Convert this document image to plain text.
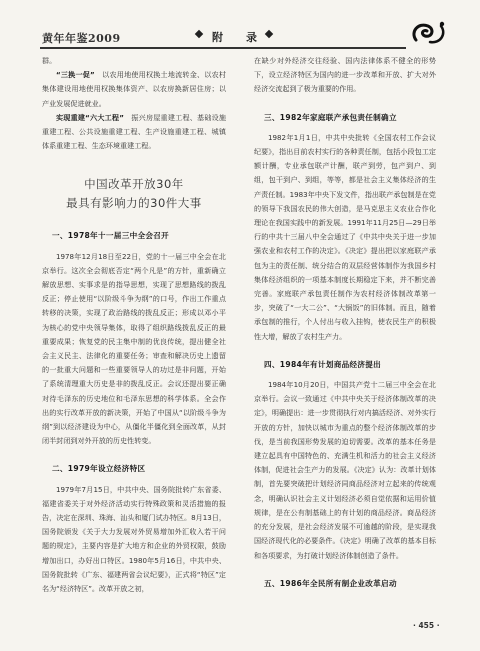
黄年年鉴2009	附　录

群。

“三换一促”　以农用地使用权换土地流转金、以农村集体建设用地使用权换集体资产、以农房换新居住房；以产业发展促进就业。

实现重建“六大工程”　振兴房屋重建工程、基础设施重建工程、公共设施重建工程、生产设施重建工程、城镇体系重建工程、生态环境重建工程。

中国改革开放30年
最具有影响力的30件大事
一、1978年十一届三中全会召开

1978年12月18日至22日，党的十一届三中全会在北京举行。这次全会彻底否定“两个凡是”的方针，重新确立解放思想、实事求是的指导思想，实现了思想路线的拨乱反正；停止使用“以阶级斗争为纲”的口号，作出工作重点转移的决策，实现了政治路线的拨乱反正；形成以邓小平为核心的党中央领导集体，取得了组织路线拨乱反正的最重要成果；恢复党的民主集中制的优良传统，提出健全社会主义民主、法律化的重要任务；审查和解决历史上遗留的一批重大问题和一些重要领导人的功过是非问题，开始了系统清理重大历史是非的拨乱反正。会议还提出要正确对待毛泽东的历史地位和毛泽东思想的科学体系。全会作出的实行改革开放的新决策，开始了中国从“以阶级斗争为纲”到以经济建设为中心，从僵化半僵化到全面改革，从封闭半封闭到对外开放的历史性转变。

二、1979年设立经济特区

1979年7月15日，中共中央、国务院批转广东省委、福建省委关于对外经济活动实行特殊政策和灵活措施的报告，决定在深圳、珠海、汕头和厦门试办特区。8月13日，国务院颁发《关于大力发展对外贸易增加外汇收入若干问题的规定》，主要内容是扩大地方和企业的外贸权限，鼓励增加出口，办好出口特区。1980年5月16日，中共中央、国务院批转《广东、福建两省会议纪要》，正式将“特区”定名为“经济特区”。改革开放之初，

在缺少对外经济交往经验、国内法律体系不健全的形势下，设立经济特区为国内的进一步改革和开放、扩大对外经济交流起到了极为重要的作用。

三、1982年家庭联产承包责任制确立

1982年1月1日，中共中央批转《全国农村工作会议纪要》，指出目前农村实行的各种责任制，包括小段包工定额计酬，专业承包联产计酬，联产到劳，包产到户、到组，包干到户、到组，等等，都是社会主义集体经济的生产责任制。1983年中央下发文件，指出联产承包制是在党的领导下我国农民的伟大创造，是马克思主义农业合作化理论在我国实践中的新发展。1991年11月25日—29日举行的中共十三届八中全会通过了《中共中央关于进一步加强农业和农村工作的决定》。《决定》提出把以家庭联产承包为主的责任制、统分结合的双层经营体制作为我国乡村集体经济组织的一项基本制度长期稳定下来，并不断完善完善。家庭联产承包责任制作为农村经济体制改革第一步，突破了“一大二公”、“大锅饭”的旧体制。而且，随着承包制的推行，个人付出与收入挂钩，使农民生产的积极性大增，解放了农村生产力。

四、1984年有计划商品经济提出

1984年10月20日，中国共产党十二届三中全会在北京举行。会议一致通过《中共中央关于经济体制改革的决定》，明确提出：进一步贯彻执行对内搞活经济、对外实行开放的方针，加快以城市为重点的整个经济体制改革的步伐，是当前我国形势发展的迫切需要。改革的基本任务是建立起具有中国特色的、充满生机和活力的社会主义经济体制，促进社会生产力的发展。《决定》认为：改革计划体制，首先要突破把计划经济同商品经济对立起来的传统观念，明确认识社会主义计划经济必须自觉依据和运用价值规律，是在公有制基础上的有计划的商品经济。商品经济的充分发展，是社会经济发展不可逾越的阶段，是实现我国经济现代化的必要条件。《决定》明确了改革的基本目标和各项要求，为打破计划经济体制创造了条件。

五、1986年全民所有制企业改革启动
· 455 ·
